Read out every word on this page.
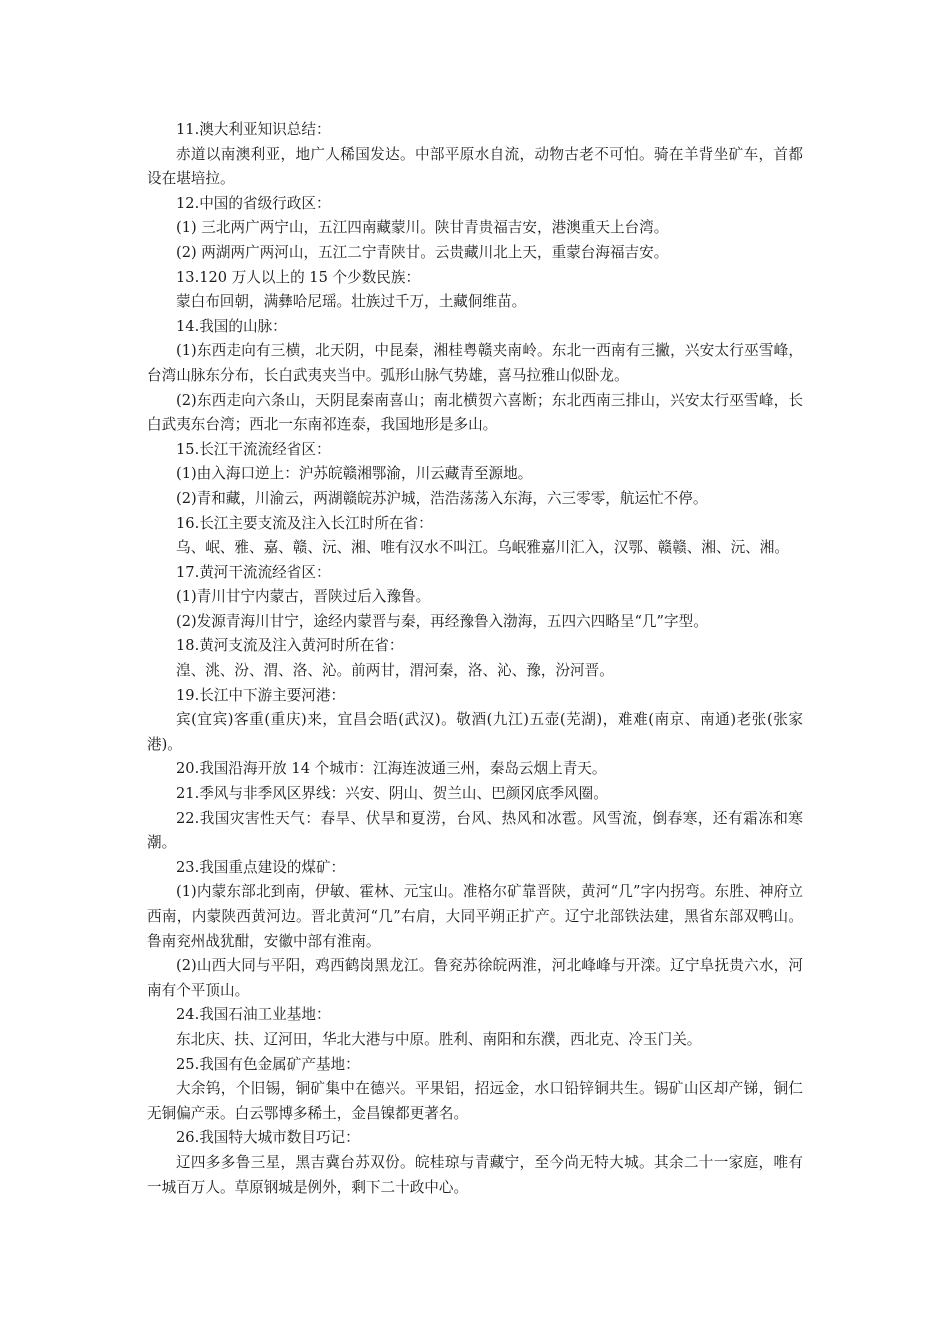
11.澳大利亚知识总结：

赤道以南澳利亚，地广人稀国发达。中部平原水自流，动物古老不可怕。骑在羊背坐矿车，首都设在堪培拉。

12.中国的省级行政区：

(1) 三北两广两宁山，五江四南藏蒙川。陕甘青贵福吉安，港澳重天上台湾。

(2) 两湖两广两河山，五江二宁青陕甘。云贵藏川北上天，重蒙台海福吉安。

13.120 万人以上的 15 个少数民族：

蒙白布回朝，满彝哈尼瑶。壮族过千万，土藏侗维苗。

14.我国的山脉：

(1)东西走向有三横，北天阴，中昆秦，湘桂粤赣夹南岭。东北一西南有三撇，兴安太行巫雪峰，台湾山脉东分布，长白武夷夹当中。弧形山脉气势雄，喜马拉雅山似卧龙。

(2)东西走向六条山，天阴昆秦南喜山；南北横贺六喜断；东北西南三排山，兴安太行巫雪峰，长白武夷东台湾；西北一东南祁连泰，我国地形是多山。

15.长江干流流经省区：

(1)由入海口逆上：沪苏皖赣湘鄂渝，川云藏青至源地。

(2)青和藏，川渝云，两湖赣皖苏沪城，浩浩荡荡入东海，六三零零，航运忙不停。

16.长江主要支流及注入长江时所在省：

乌、岷、雅、嘉、赣、沅、湘、唯有汉水不叫江。乌岷雅嘉川汇入，汉鄂、赣赣、湘、沅、湘。

17.黄河干流流经省区：

(1)青川甘宁内蒙古，晋陕过后入豫鲁。

(2)发源青海川甘宁，途经内蒙晋与秦，再经豫鲁入渤海，五四六四略呈“几”字型。

18.黄河支流及注入黄河时所在省：

湟、洮、汾、渭、洛、沁。前两甘，渭河秦，洛、沁、豫，汾河晋。

19.长江中下游主要河港：

宾(宜宾)客重(重庆)来，宜昌会晤(武汉)。敬酒(九江)五壶(芜湖)，难难(南京、南通)老张(张家港)。

20.我国沿海开放 14 个城市：江海连波通三州，秦岛云烟上青天。

21.季风与非季风区界线：兴安、阴山、贺兰山、巴颜冈底季风圈。

22.我国灾害性天气：春旱、伏旱和夏涝，台风、热风和冰雹。风雪流，倒春寒，还有霜冻和寒潮。

23.我国重点建设的煤矿：

(1)内蒙东部北到南，伊敏、霍林、元宝山。准格尔矿靠晋陕，黄河“几”字内拐弯。东胜、神府立西南，内蒙陕西黄河边。晋北黄河“几”右肩，大同平朔正扩产。辽宁北部铁法建，黑省东部双鸭山。鲁南兖州战犹酣，安徽中部有淮南。

(2)山西大同与平阳，鸡西鹤岗黑龙江。鲁兖苏徐皖两淮，河北峰峰与开滦。辽宁阜抚贵六水，河南有个平顶山。

24.我国石油工业基地：

东北庆、扶、辽河田，华北大港与中原。胜利、南阳和东濮，西北克、冷玉门关。

25.我国有色金属矿产基地：

大余钨，个旧锡，铜矿集中在德兴。平果铝，招远金，水口铅锌铜共生。锡矿山区却产锑，铜仁无铜偏产汞。白云鄂博多稀土，金昌镍都更著名。

26.我国特大城市数目巧记：

辽四多多鲁三星，黑吉冀台苏双份。皖桂琼与青藏宁，至今尚无特大城。其余二十一家庭，唯有一城百万人。草原钢城是例外，剩下二十政中心。
